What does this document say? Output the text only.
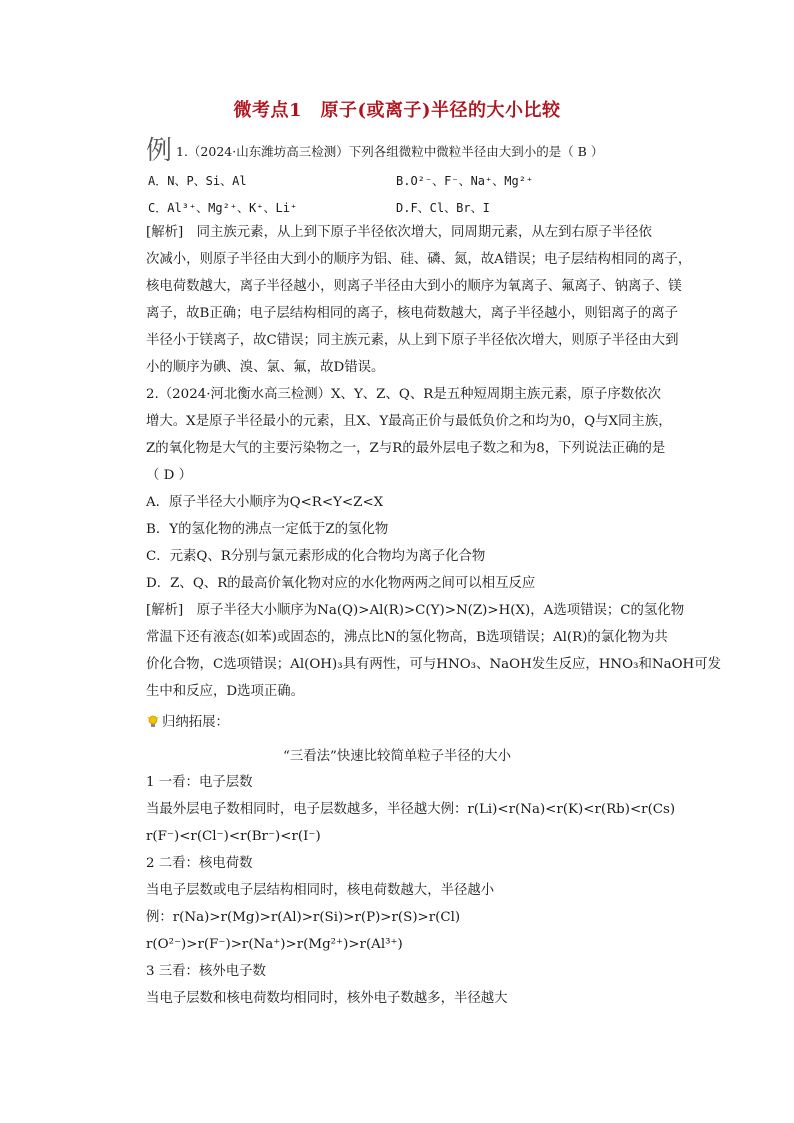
微考点1　原子(或离子)半径的大小比较
例 1.（2024·山东潍坊高三检测）下列各组微粒中微粒半径由大到小的是（ B ）
A．N、P、Si、Al	B.O²⁻、F⁻、Na⁺、Mg²⁺
C．Al³⁺、Mg²⁺、K⁺、Li⁺	D.F、Cl、Br、I
[解析]　同主族元素，从上到下原子半径依次增大，同周期元素，从左到右原子半径依
次减小，则原子半径由大到小的顺序为铝、硅、磷、氮，故A错误；电子层结构相同的离子，
核电荷数越大，离子半径越小，则离子半径由大到小的顺序为氧离子、氟离子、钠离子、镁
离子，故B正确；电子层结构相同的离子，核电荷数越大，离子半径越小，则铝离子的离子
半径小于镁离子，故C错误；同主族元素，从上到下原子半径依次增大，则原子半径由大到
小的顺序为碘、溴、氯、氟，故D错误。
2.（2024·河北衡水高三检测）X、Y、Z、Q、R是五种短周期主族元素，原子序数依次
增大。X是原子半径最小的元素，且X、Y最高正价与最低负价之和均为0，Q与X同主族，
Z的氧化物是大气的主要污染物之一，Z与R的最外层电子数之和为8，下列说法正确的是
（ D ）
A．原子半径大小顺序为Q<R<Y<Z<X
B．Y的氢化物的沸点一定低于Z的氢化物
C．元素Q、R分别与氯元素形成的化合物均为离子化合物
D．Z、Q、R的最高价氧化物对应的水化物两两之间可以相互反应
[解析]　原子半径大小顺序为Na(Q)>Al(R)>C(Y)>N(Z)>H(X)，A选项错误；C的氢化物
常温下还有液态(如苯)或固态的，沸点比N的氢化物高，B选项错误；Al(R)的氯化物为共
价化合物，C选项错误；Al(OH)₃具有两性，可与HNO₃、NaOH发生反应，HNO₃和NaOH可发
生中和反应，D选项正确。
归纳拓展：
“三看法”快速比较简单粒子半径的大小
1 一看：电子层数
当最外层电子数相同时，电子层数越多，半径越大例：r(Li)<r(Na)<r(K)<r(Rb)<r(Cs)
r(F⁻)<r(Cl⁻)<r(Br⁻)<r(I⁻)
2 二看：核电荷数
当电子层数或电子层结构相同时，核电荷数越大，半径越小
例：r(Na)>r(Mg)>r(Al)>r(Si)>r(P)>r(S)>r(Cl)
r(O²⁻)>r(F⁻)>r(Na⁺)>r(Mg²⁺)>r(Al³⁺)
3 三看：核外电子数
当电子层数和核电荷数均相同时，核外电子数越多，半径越大
